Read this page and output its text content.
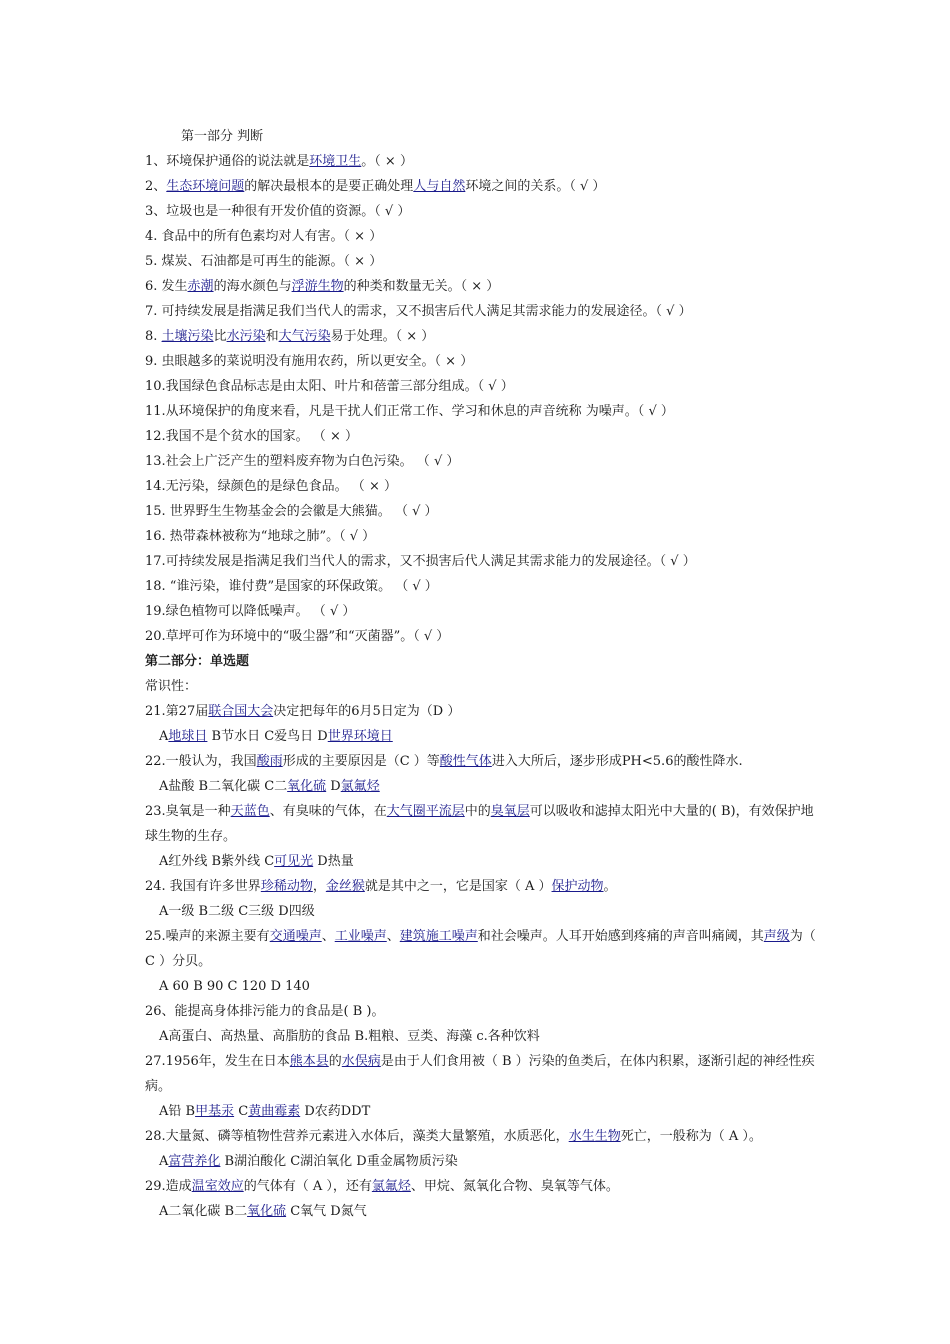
第一部分 判断
1、环境保护通俗的说法就是环境卫生。（ × ）
2、生态环境问题的解决最根本的是要正确处理人与自然环境之间的关系。（ √ ）
3、垃圾也是一种很有开发价值的资源。（ √ ）
4. 食品中的所有色素均对人有害。（ × ）
5. 煤炭、石油都是可再生的能源。（ × ）
6. 发生赤潮的海水颜色与浮游生物的种类和数量无关。（ × ）
7. 可持续发展是指满足我们当代人的需求，又不损害后代人满足其需求能力的发展途径。（ √ ）
8. 土壤污染比水污染和大气污染易于处理。（ × ）
9. 虫眼越多的菜说明没有施用农药，所以更安全。（ × ）
10.我国绿色食品标志是由太阳、叶片和蓓蕾三部分组成。（ √ ）
11.从环境保护的角度来看，凡是干扰人们正常工作、学习和休息的声音统称 为噪声。（ √ ）
12.我国不是个贫水的国家。 （ × ）
13.社会上广泛产生的塑料废弃物为白色污染。 （ √ ）
14.无污染，绿颜色的是绿色食品。 （ × ）
15. 世界野生生物基金会的会徽是大熊猫。 （ √ ）
16. 热带森林被称为“地球之肺”。（ √ ）
17.可持续发展是指满足我们当代人的需求，又不损害后代人满足其需求能力的发展途径。（ √ ）
18. “谁污染，谁付费”是国家的环保政策。 （ √ ）
19.绿色植物可以降低噪声。 （ √ ）
20.草坪可作为环境中的“吸尘器”和“灭菌器”。（ √ ）
第二部分：单选题
常识性：
21.第27届联合国大会决定把每年的6月5日定为（D ）
A地球日 B节水日 C爱鸟日 D世界环境日
22.一般认为，我国酸雨形成的主要原因是（C ）等酸性气体进入大所后，逐步形成PH<5.6的酸性降水.
A盐酸 B二氧化碳 C二氧化硫 D氯氟烃
23.臭氧是一种天蓝色、有臭味的气体，在大气圈平流层中的臭氧层可以吸收和滤掉太阳光中大量的( B)，有效保护地球生物的生存。
A红外线 B紫外线 C可见光 D热量
24. 我国有许多世界珍稀动物，金丝猴就是其中之一，它是国家（ A ）保护动物。
A一级 B二级 C三级 D四级
25.噪声的来源主要有交通噪声、工业噪声、建筑施工噪声和社会噪声。人耳开始感到疼痛的声音叫痛阈，其声级为（ C ）分贝。
A 60 B 90 C 120 D 140
26、能提高身体排污能力的食品是( B )。
A高蛋白、高热量、高脂肪的食品 B.粗粮、豆类、海藻 c.各种饮料
27.1956年，发生在日本熊本县的水俣病是由于人们食用被（ B ）污染的鱼类后，在体内积累，逐渐引起的神经性疾病。
A铅 B甲基汞 C黄曲霉素 D农药DDT
28.大量氮、磷等植物性营养元素进入水体后，藻类大量繁殖，水质恶化，水生生物死亡，一般称为（ A ）。
A富营养化 B湖泊酸化 C湖泊氧化 D重金属物质污染
29.造成温室效应的气体有（ A ），还有氯氟烃、甲烷、氮氧化合物、臭氧等气体。
A二氧化碳 B二氧化硫 C氧气 D氮气
